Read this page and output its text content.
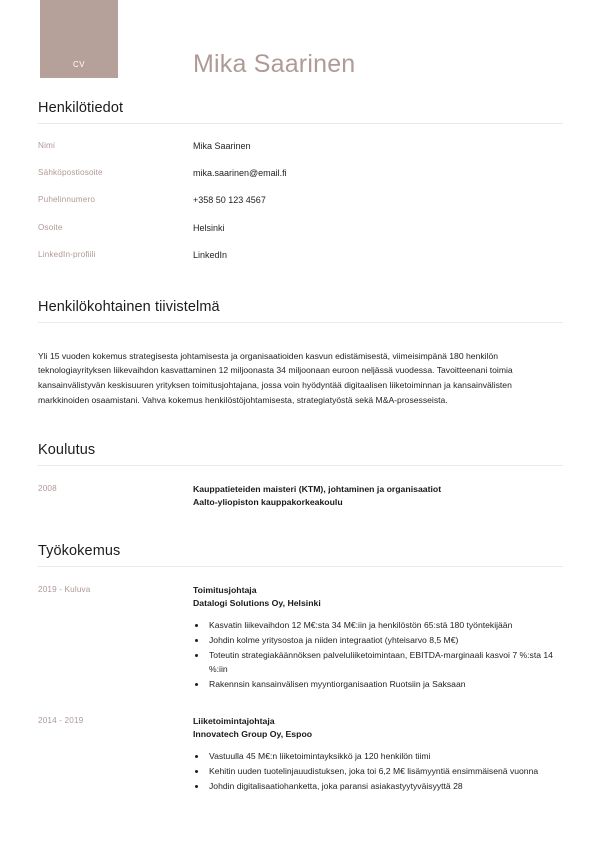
CV	Mika Saarinen
Henkilötiedot
Nimi	Mika Saarinen
Sähköpostiosoite	mika.saarinen@email.fi
Puhelinnumero	+358 50 123 4567
Osoite	Helsinki
LinkedIn-profiili	LinkedIn
Henkilökohtainen tiivistelmä

Yli 15 vuoden kokemus strategisesta johtamisesta ja organisaatioiden kasvun edistämisestä, viimeisimpänä 180 henkilön teknologiayrityksen liikevaihdon kasvattaminen 12 miljoonasta 34 miljoonaan euroon neljässä vuodessa. Tavoitteenani toimia kansainvälistyvän keskisuuren yrityksen toimitusjohtajana, jossa voin hyödyntää digitaalisen liiketoiminnan ja kansainvälisten markkinoiden osaamistani. Vahva kokemus henkilöstöjohtamisesta, strategiatyöstä sekä M&A-prosesseista.

Koulutus
2008	Kauppatieteiden maisteri (KTM), johtaminen ja organisaatiot
Aalto-yliopiston kauppakorkeakoulu
Työkokemus
2019 - Kuluva	Toimitusjohtaja
Datalogi Solutions Oy, Helsinki
• Kasvatin liikevaihdon 12 M€:sta 34 M€:iin ja henkilöstön 65:stä 180 työntekijään
• Johdin kolme yritysostoa ja niiden integraatiot (yhteisarvo 8,5 M€)
• Toteutin strategiakäännöksen palveluliiketoimintaan, EBITDA-marginaali kasvoi 7 %:sta 14 %:iin
• Rakennsin kansainvälisen myyntiorganisaation Ruotsiin ja Saksaan
2014 - 2019	Liiketoimintajohtaja
Innovatech Group Oy, Espoo
• Vastuulla 45 M€:n liiketoimintayksikkö ja 120 henkilön tiimi
• Kehitin uuden tuotelinjauudistuksen, joka toi 6,2 M€ lisämyyntiä ensimmäisenä vuonna
• Johdin digitalisaatiohanketta, joka paransi asiakastyytyväisyyttä 28
